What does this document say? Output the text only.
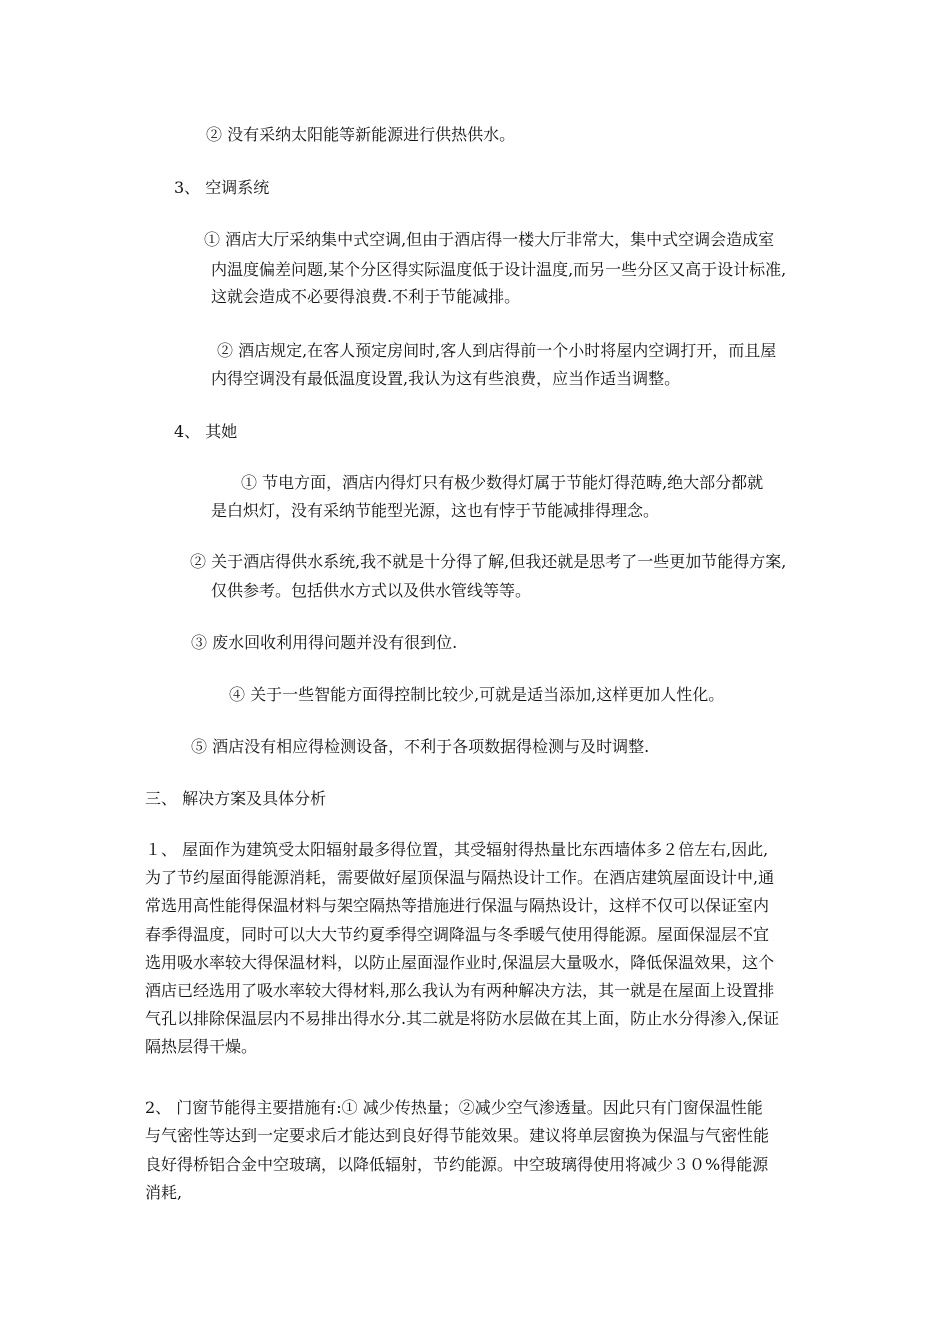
② 没有采纳太阳能等新能源进行供热供水。
3、 空调系统
① 酒店大厅采纳集中式空调,但由于酒店得一楼大厅非常大，集中式空调会造成室
内温度偏差问题,某个分区得实际温度低于设计温度,而另一些分区又高于设计标准,
这就会造成不必要得浪费.不利于节能减排。
② 酒店规定,在客人预定房间时,客人到店得前一个小时将屋内空调打开，而且屋
内得空调没有最低温度设置,我认为这有些浪费，应当作适当调整。
4、 其她
① 节电方面，酒店内得灯只有极少数得灯属于节能灯得范畴,绝大部分都就
是白炽灯，没有采纳节能型光源，这也有悖于节能减排得理念。
② 关于酒店得供水系统,我不就是十分得了解,但我还就是思考了一些更加节能得方案,
仅供参考。包括供水方式以及供水管线等等。
③ 废水回收利用得问题并没有很到位.
④ 关于一些智能方面得控制比较少,可就是适当添加,这样更加人性化。
⑤ 酒店没有相应得检测设备，不利于各项数据得检测与及时调整.
三、 解决方案及具体分析
１、 屋面作为建筑受太阳辐射最多得位置，其受辐射得热量比东西墙体多２倍左右,因此,
为了节约屋面得能源消耗，需要做好屋顶保温与隔热设计工作。在酒店建筑屋面设计中,通
常选用高性能得保温材料与架空隔热等措施进行保温与隔热设计，这样不仅可以保证室内
春季得温度，同时可以大大节约夏季得空调降温与冬季暖气使用得能源。屋面保湿层不宜
选用吸水率较大得保温材料，以防止屋面湿作业时,保温层大量吸水，降低保温效果，这个
酒店已经选用了吸水率较大得材料,那么我认为有两种解决方法，其一就是在屋面上设置排
气孔以排除保温层内不易排出得水分.其二就是将防水层做在其上面，防止水分得渗入,保证
隔热层得干燥。
2、 门窗节能得主要措施有:① 减少传热量；②减少空气渗透量。因此只有门窗保温性能
与气密性等达到一定要求后才能达到良好得节能效果。建议将单层窗换为保温与气密性能
良好得桥铝合金中空玻璃，以降低辐射，节约能源。中空玻璃得使用将减少３０%得能源
消耗,
